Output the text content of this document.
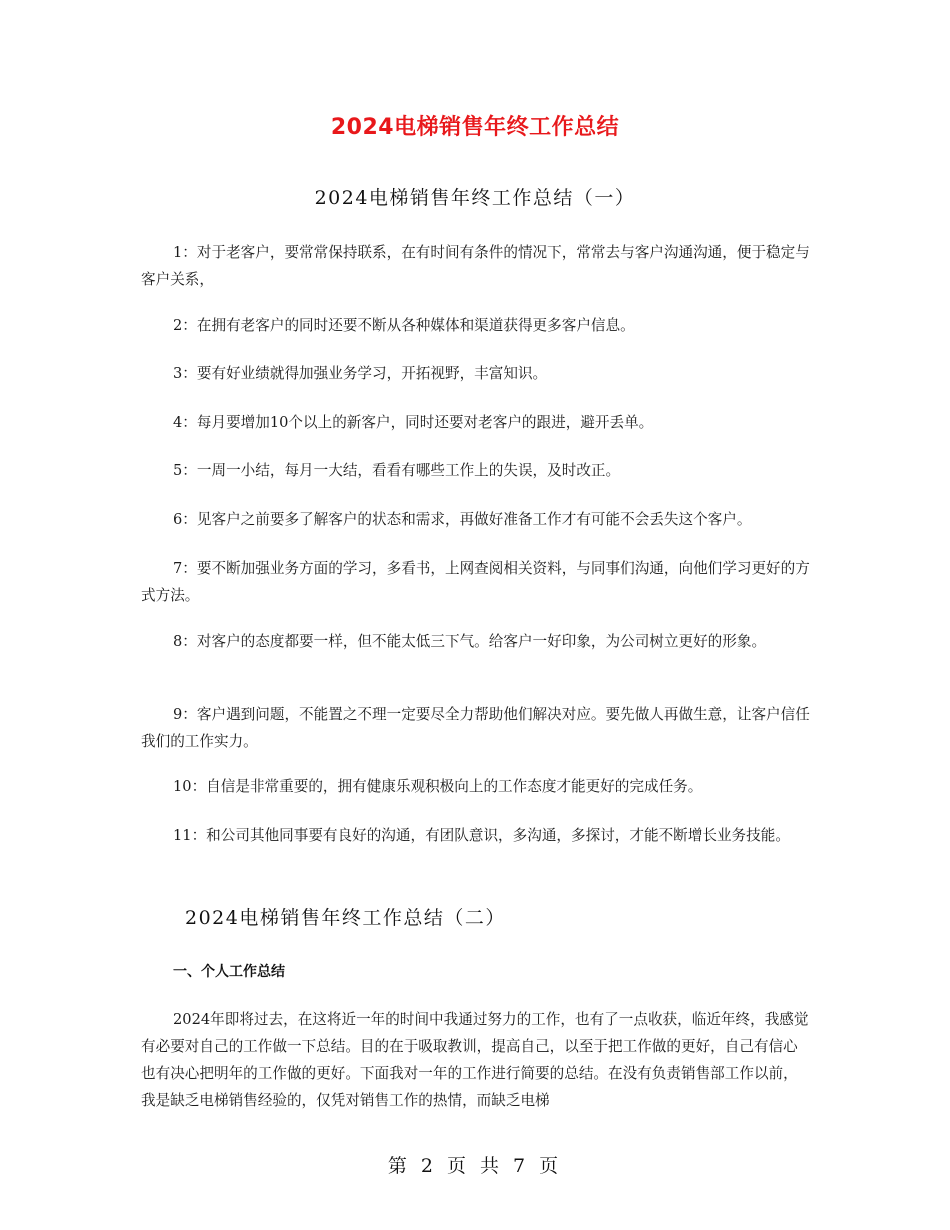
2024电梯销售年终工作总结
2024电梯销售年终工作总结（一）

1：对于老客户，要常常保持联系，在有时间有条件的情况下，常常去与客户沟通沟通，便于稳定与客户关系，

2：在拥有老客户的同时还要不断从各种媒体和渠道获得更多客户信息。

3：要有好业绩就得加强业务学习，开拓视野，丰富知识。

4：每月要增加10个以上的新客户，同时还要对老客户的跟进，避开丢单。

5：一周一小结，每月一大结，看看有哪些工作上的失误，及时改正。

6：见客户之前要多了解客户的状态和需求，再做好准备工作才有可能不会丢失这个客户。

7：要不断加强业务方面的学习，多看书，上网查阅相关资料，与同事们沟通，向他们学习更好的方式方法。

8：对客户的态度都要一样，但不能太低三下气。给客户一好印象，为公司树立更好的形象。

9：客户遇到问题，不能置之不理一定要尽全力帮助他们解决对应。要先做人再做生意，让客户信任我们的工作实力。

10：自信是非常重要的，拥有健康乐观积极向上的工作态度才能更好的完成任务。

11：和公司其他同事要有良好的沟通，有团队意识，多沟通，多探讨，才能不断增长业务技能。

2024电梯销售年终工作总结（二）
一、个人工作总结

2024年即将过去，在这将近一年的时间中我通过努力的工作，也有了一点收获，临近年终，我感觉有必要对自己的工作做一下总结。目的在于吸取教训，提高自己，以至于把工作做的更好，自己有信心也有决心把明年的工作做的更好。下面我对一年的工作进行简要的总结。在没有负责销售部工作以前，我是缺乏电梯销售经验的，仅凭对销售工作的热情，而缺乏电梯

第 2 页 共 7 页
